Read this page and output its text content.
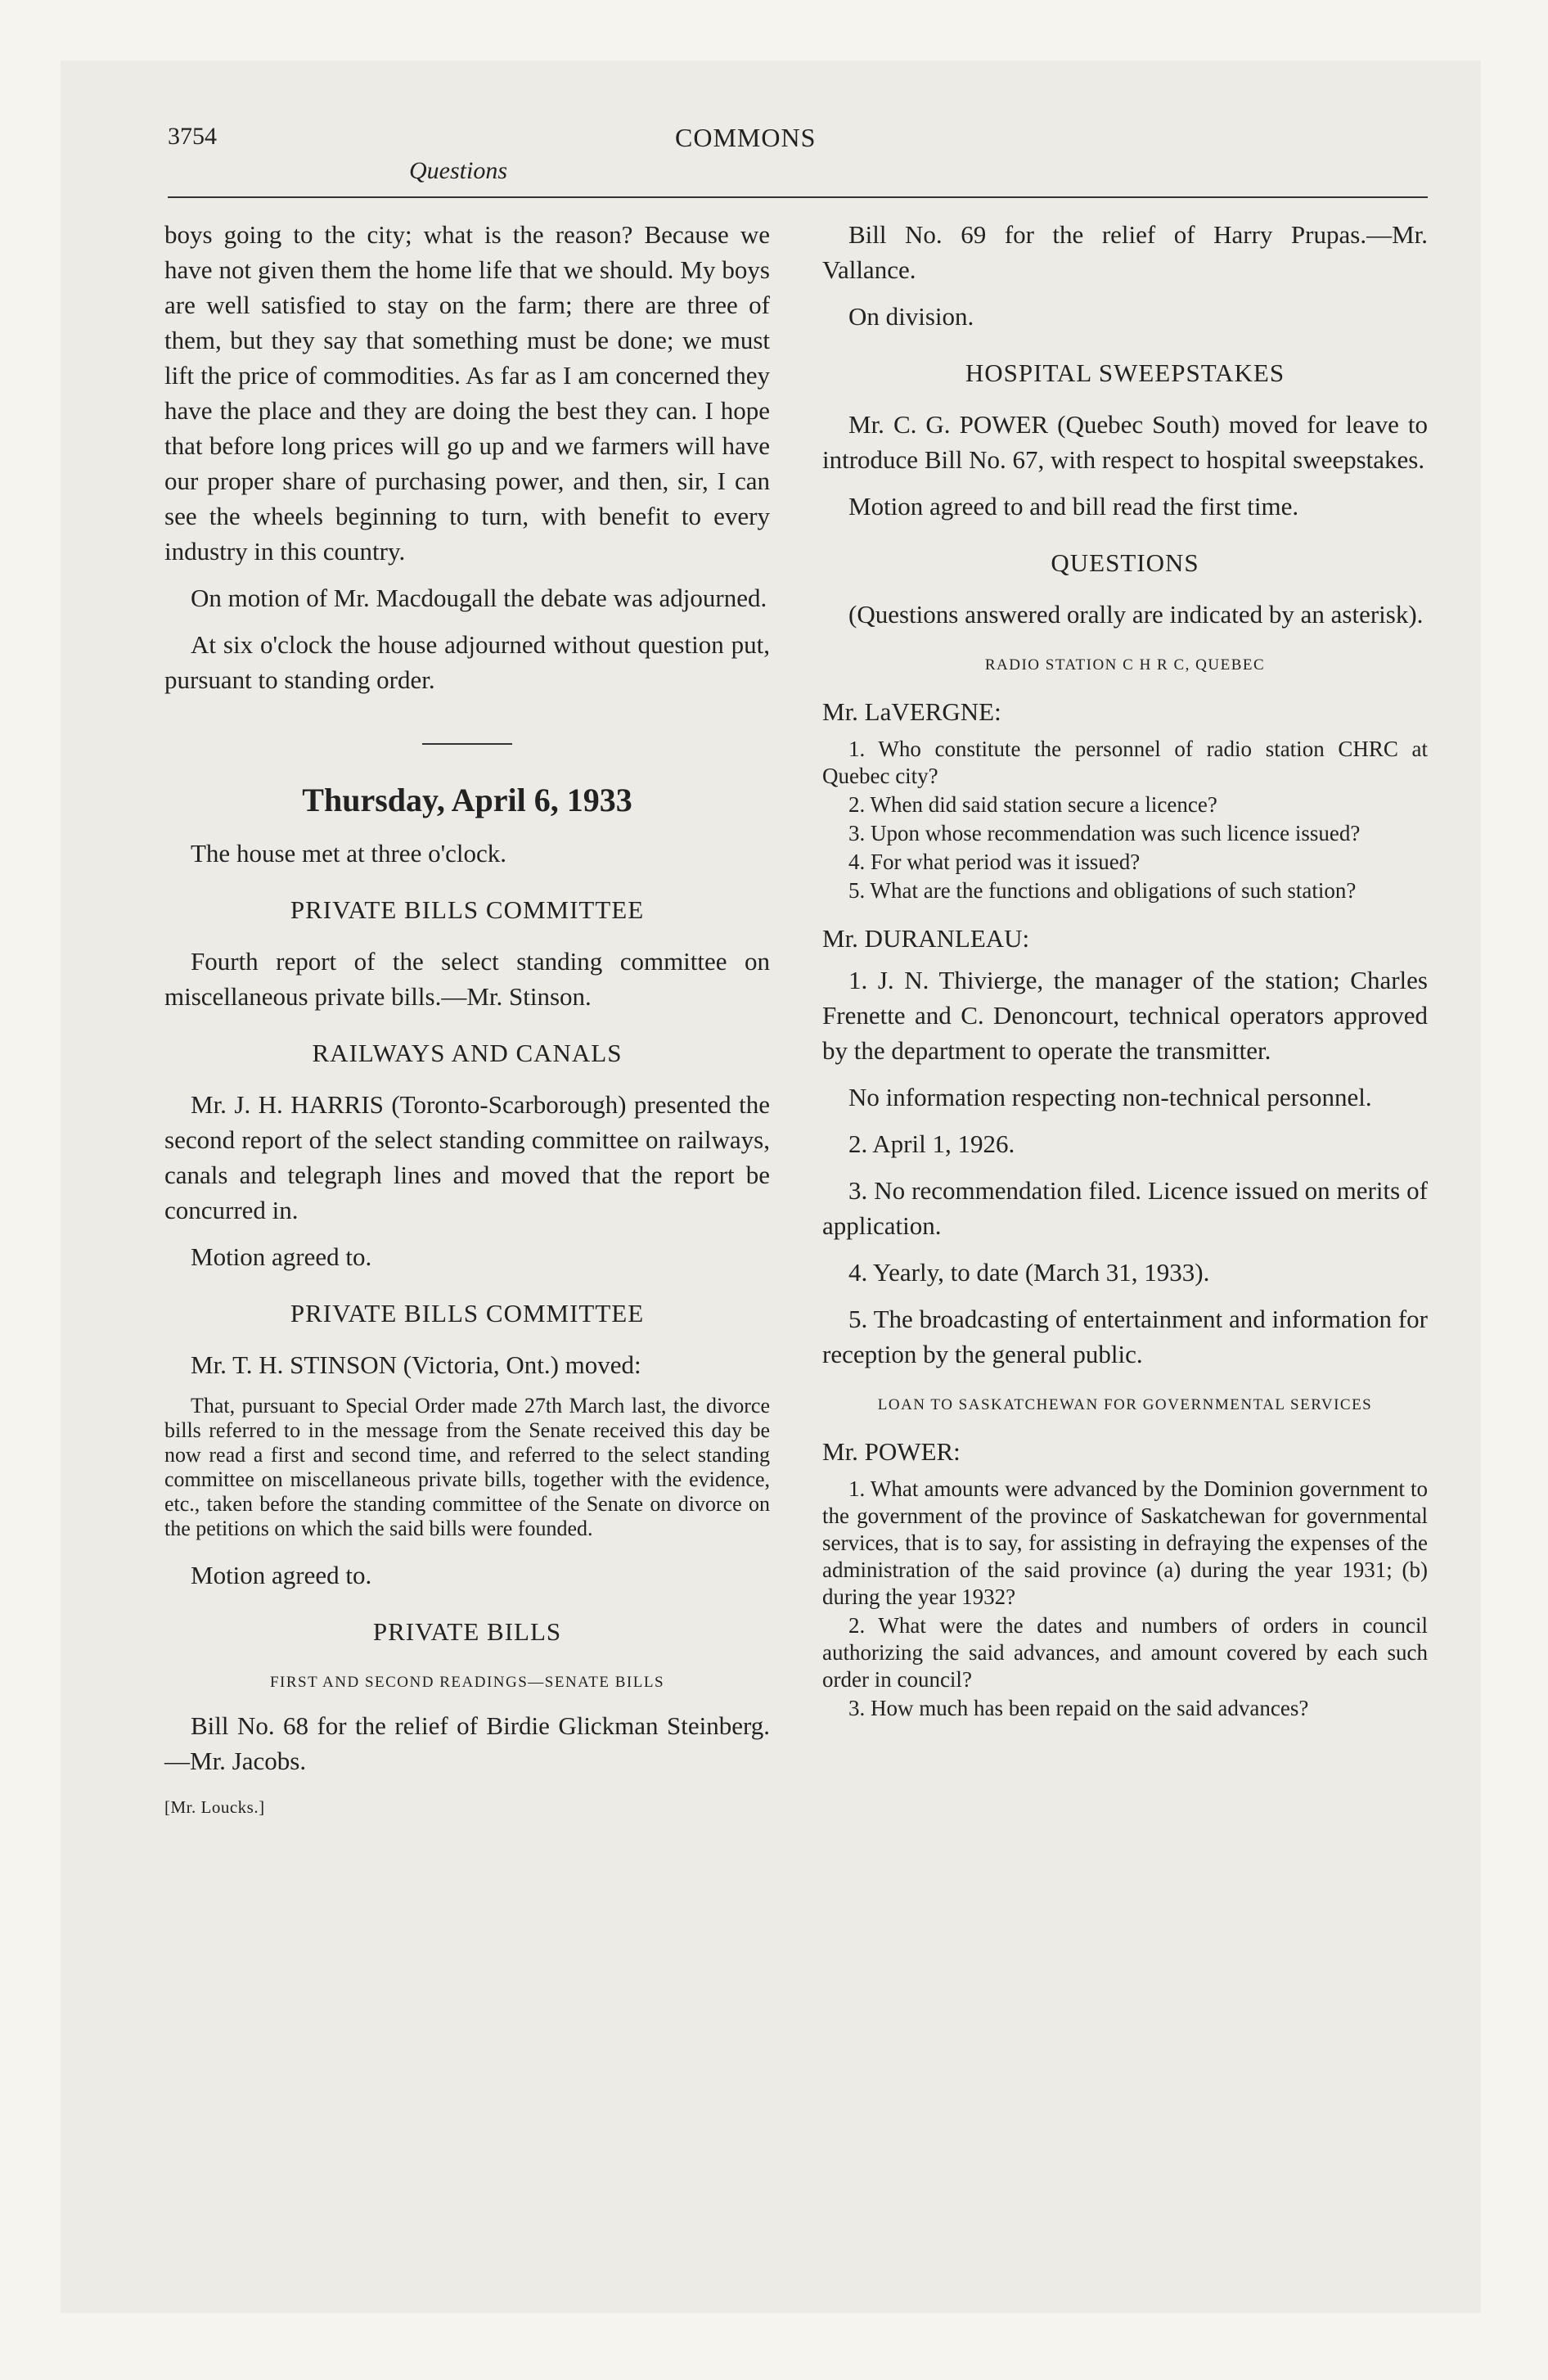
3754	COMMONS
Questions

boys going to the city; what is the reason? Because we have not given them the home life that we should. My boys are well satisfied to stay on the farm; there are three of them, but they say that something must be done; we must lift the price of commodities. As far as I am concerned they have the place and they are doing the best they can. I hope that before long prices will go up and we farmers will have our proper share of purchasing power, and then, sir, I can see the wheels beginning to turn, with benefit to every industry in this country.

On motion of Mr. Macdougall the debate was adjourned.

At six o'clock the house adjourned without question put, pursuant to standing order.

Thursday, April 6, 1933

The house met at three o'clock.

PRIVATE BILLS COMMITTEE

Fourth report of the select standing committee on miscellaneous private bills.—Mr. Stinson.

RAILWAYS AND CANALS

Mr. J. H. HARRIS (Toronto-Scarborough) presented the second report of the select standing committee on railways, canals and telegraph lines and moved that the report be concurred in.

Motion agreed to.

PRIVATE BILLS COMMITTEE

Mr. T. H. STINSON (Victoria, Ont.) moved:

That, pursuant to Special Order made 27th March last, the divorce bills referred to in the message from the Senate received this day be now read a first and second time, and referred to the select standing committee on miscellaneous private bills, together with the evidence, etc., taken before the standing committee of the Senate on divorce on the petitions on which the said bills were founded.

Motion agreed to.

PRIVATE BILLS
FIRST AND SECOND READINGS—SENATE BILLS

Bill No. 68 for the relief of Birdie Glickman Steinberg.—Mr. Jacobs.

[Mr. Loucks.]

Bill No. 69 for the relief of Harry Prupas.—Mr. Vallance.

On division.

HOSPITAL SWEEPSTAKES

Mr. C. G. POWER (Quebec South) moved for leave to introduce Bill No. 67, with respect to hospital sweepstakes.

Motion agreed to and bill read the first time.

QUESTIONS

(Questions answered orally are indicated by an asterisk).

RADIO STATION C H R C, QUEBEC

Mr. LaVERGNE:

1. Who constitute the personnel of radio station CHRC at Quebec city?
2. When did said station secure a licence?
3. Upon whose recommendation was such licence issued?
4. For what period was it issued?
5. What are the functions and obligations of such station?

Mr. DURANLEAU:

1. J. N. Thivierge, the manager of the station; Charles Frenette and C. Denoncourt, technical operators approved by the department to operate the transmitter.

No information respecting non-technical personnel.

2. April 1, 1926.

3. No recommendation filed. Licence issued on merits of application.

4. Yearly, to date (March 31, 1933).

5. The broadcasting of entertainment and information for reception by the general public.

LOAN TO SASKATCHEWAN FOR GOVERNMENTAL SERVICES

Mr. POWER:

1. What amounts were advanced by the Dominion government to the government of the province of Saskatchewan for governmental services, that is to say, for assisting in defraying the expenses of the administration of the said province (a) during the year 1931; (b) during the year 1932?
2. What were the dates and numbers of orders in council authorizing the said advances, and amount covered by each such order in council?
3. How much has been repaid on the said advances?
